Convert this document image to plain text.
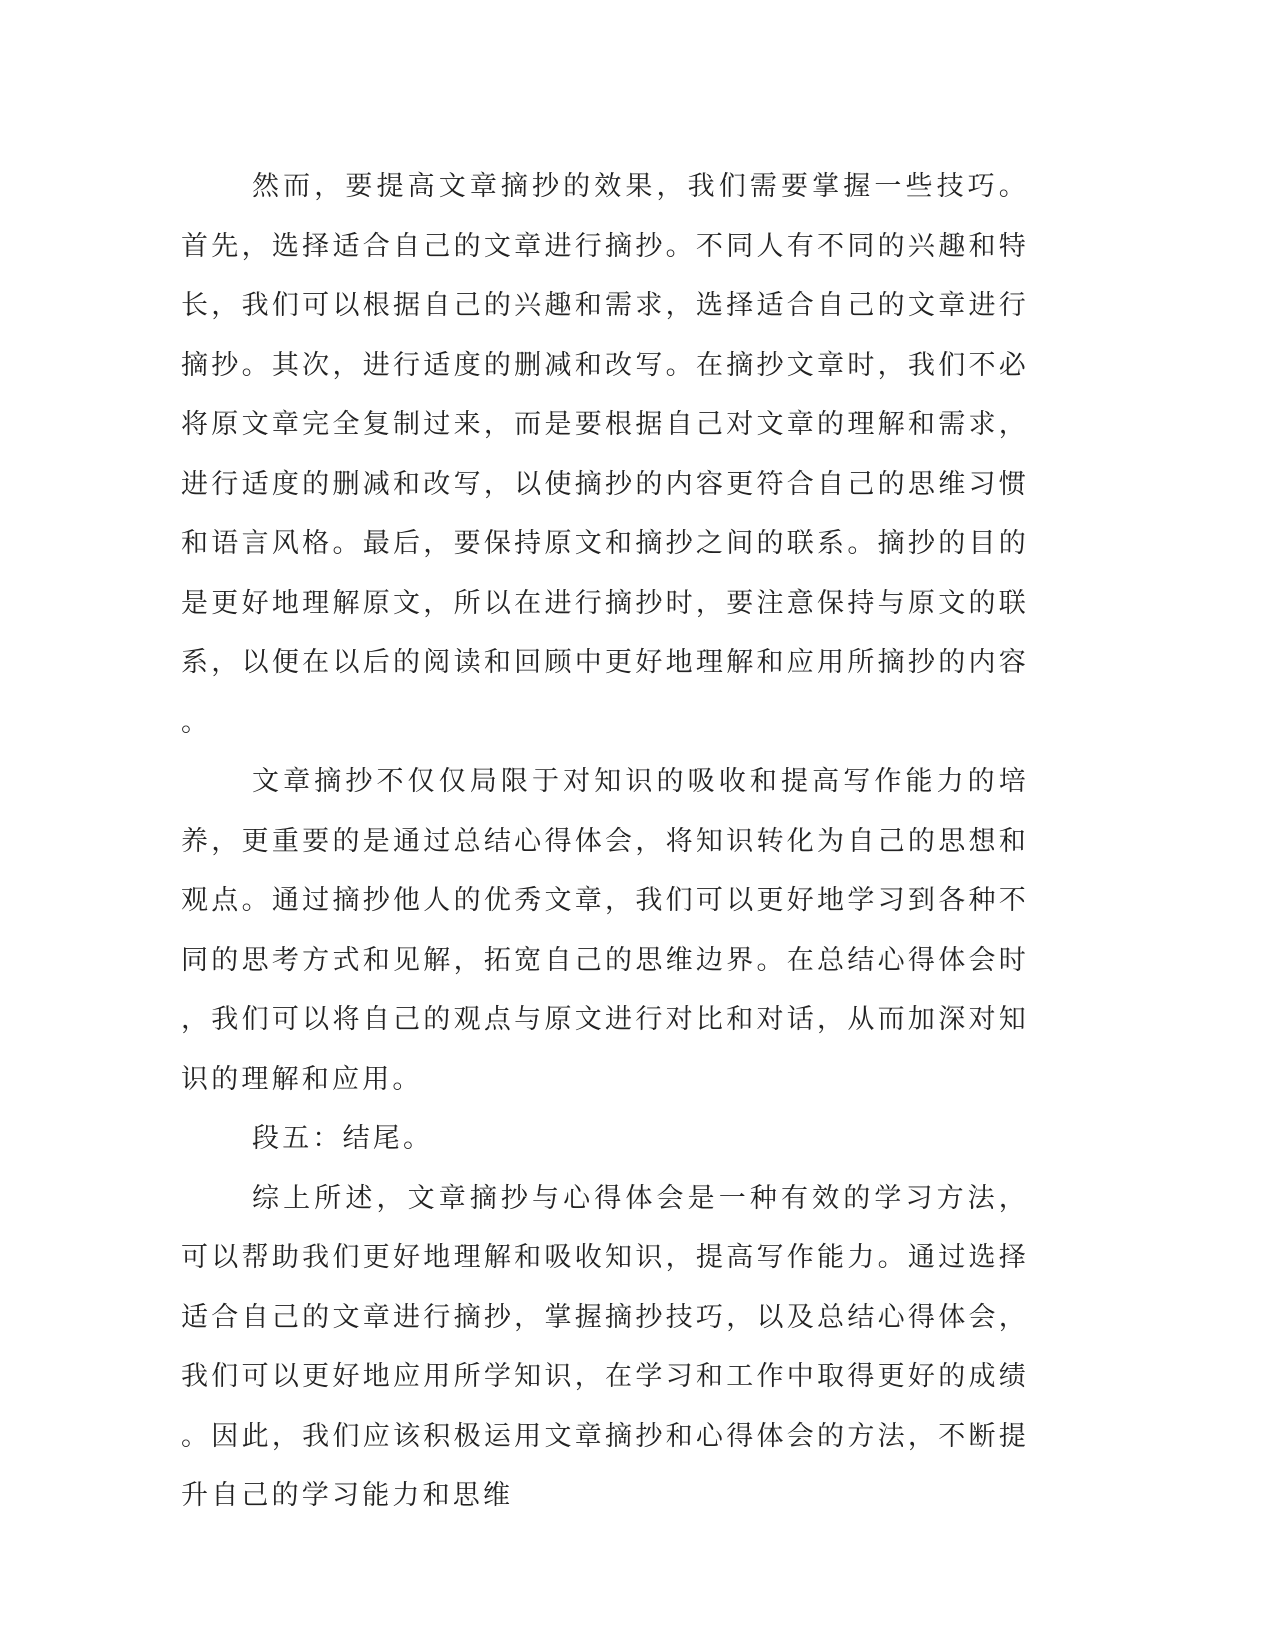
然而，要提高文章摘抄的效果，我们需要掌握一些技巧。首先，选择适合自己的文章进行摘抄。不同人有不同的兴趣和特长，我们可以根据自己的兴趣和需求，选择适合自己的文章进行摘抄。其次，进行适度的删减和改写。在摘抄文章时，我们不必将原文章完全复制过来，而是要根据自己对文章的理解和需求，进行适度的删减和改写，以使摘抄的内容更符合自己的思维习惯和语言风格。最后，要保持原文和摘抄之间的联系。摘抄的目的是更好地理解原文，所以在进行摘抄时，要注意保持与原文的联系，以便在以后的阅读和回顾中更好地理解和应用所摘抄的内容。

文章摘抄不仅仅局限于对知识的吸收和提高写作能力的培养，更重要的是通过总结心得体会，将知识转化为自己的思想和观点。通过摘抄他人的优秀文章，我们可以更好地学习到各种不同的思考方式和见解，拓宽自己的思维边界。在总结心得体会时，我们可以将自己的观点与原文进行对比和对话，从而加深对知识的理解和应用。

段五：结尾。

综上所述，文章摘抄与心得体会是一种有效的学习方法，可以帮助我们更好地理解和吸收知识，提高写作能力。通过选择适合自己的文章进行摘抄，掌握摘抄技巧，以及总结心得体会，我们可以更好地应用所学知识，在学习和工作中取得更好的成绩。因此，我们应该积极运用文章摘抄和心得体会的方法，不断提升自己的学习能力和思维
